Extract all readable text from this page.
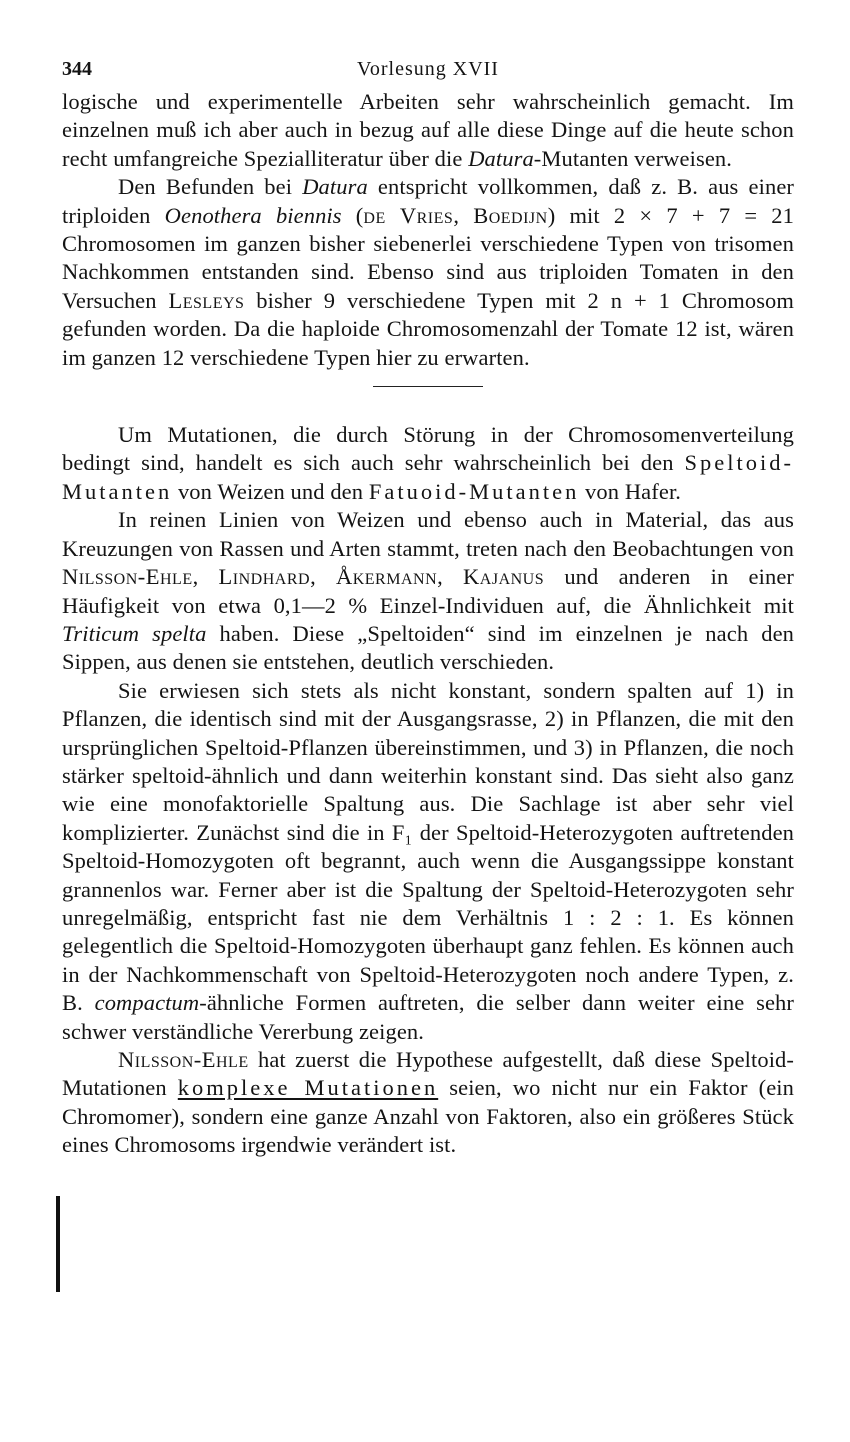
Vorlesung XVII
344

logische und experimentelle Arbeiten sehr wahrscheinlich gemacht. Im einzelnen muß ich aber auch in bezug auf alle diese Dinge auf die heute schon recht umfangreiche Spezialliteratur über die Datura-Mutanten verweisen.

Den Befunden bei Datura entspricht vollkommen, daß z. B. aus einer triploiden Oenothera biennis (de Vries, Boedijn) mit 2 × 7 + 7 = 21 Chromosomen im ganzen bisher siebenerlei verschiedene Typen von trisomen Nachkommen entstanden sind. Ebenso sind aus triploiden Tomaten in den Versuchen Lesleys bisher 9 verschiedene Typen mit 2 n + 1 Chromosom gefunden worden. Da die haploide Chromosomenzahl der Tomate 12 ist, wären im ganzen 12 verschiedene Typen hier zu erwarten.

Um Mutationen, die durch Störung in der Chromosomenverteilung bedingt sind, handelt es sich auch sehr wahrscheinlich bei den Speltoid-Mutanten von Weizen und den Fatuoid-Mutanten von Hafer.

In reinen Linien von Weizen und ebenso auch in Material, das aus Kreuzungen von Rassen und Arten stammt, treten nach den Beobachtungen von Nilsson-Ehle, Lindhard, Åkermann, Kajanus und anderen in einer Häufigkeit von etwa 0,1—2 % Einzel-Individuen auf, die Ähnlichkeit mit Triticum spelta haben. Diese „Speltoiden“ sind im einzelnen je nach den Sippen, aus denen sie entstehen, deutlich verschieden.

Sie erwiesen sich stets als nicht konstant, sondern spalten auf 1) in Pflanzen, die identisch sind mit der Ausgangsrasse, 2) in Pflanzen, die mit den ursprünglichen Speltoid-Pflanzen übereinstimmen, und 3) in Pflanzen, die noch stärker speltoid-ähnlich und dann weiterhin konstant sind. Das sieht also ganz wie eine monofaktorielle Spaltung aus. Die Sachlage ist aber sehr viel komplizierter. Zunächst sind die in F₁ der Speltoid-Heterozygoten auftretenden Speltoid-Homozygoten oft begrannt, auch wenn die Ausgangssippe konstant grannenlos war. Ferner aber ist die Spaltung der Speltoid-Heterozygoten sehr unregelmäßig, entspricht fast nie dem Verhältnis 1 : 2 : 1. Es können gelegentlich die Speltoid-Homozygoten überhaupt ganz fehlen. Es können auch in der Nachkommenschaft von Speltoid-Heterozygoten noch andere Typen, z. B. compactum-ähnliche Formen auftreten, die selber dann weiter eine sehr schwer verständliche Vererbung zeigen.

Nilsson-Ehle hat zuerst die Hypothese aufgestellt, daß diese Speltoid-Mutationen komplexe Mutationen seien, wo nicht nur ein Faktor (ein Chromomer), sondern eine ganze Anzahl von Faktoren, also ein größeres Stück eines Chromosoms irgendwie verändert ist.
